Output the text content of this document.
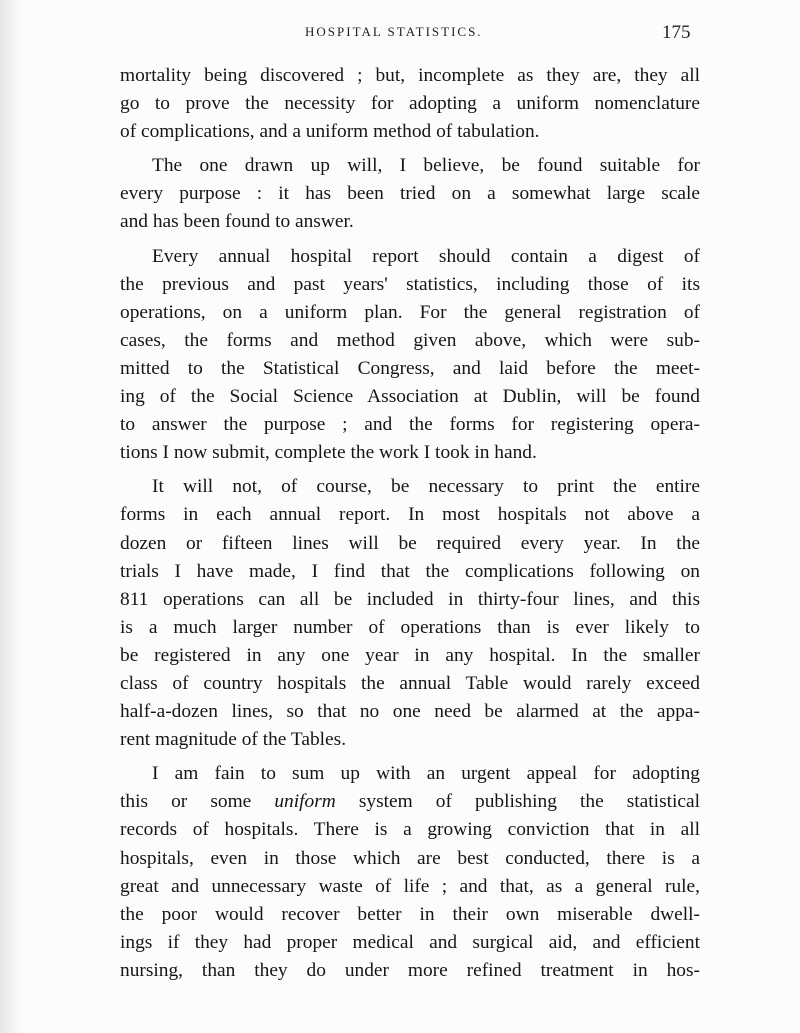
HOSPITAL STATISTICS.	175
mortality being discovered ; but, incomplete as they are, they all
go to prove the necessity for adopting a uniform nomenclature
of complications, and a uniform method of tabulation.
The one drawn up will, I believe, be found suitable for
every purpose : it has been tried on a somewhat large scale
and has been found to answer.
Every annual hospital report should contain a digest of
the previous and past years' statistics, including those of its
operations, on a uniform plan. For the general registration of
cases, the forms and method given above, which were sub-
mitted to the Statistical Congress, and laid before the meet-
ing of the Social Science Association at Dublin, will be found
to answer the purpose ; and the forms for registering opera-
tions I now submit, complete the work I took in hand.
It will not, of course, be necessary to print the entire
forms in each annual report. In most hospitals not above a
dozen or fifteen lines will be required every year. In the
trials I have made, I find that the complications following on
811 operations can all be included in thirty-four lines, and this
is a much larger number of operations than is ever likely to
be registered in any one year in any hospital. In the smaller
class of country hospitals the annual Table would rarely exceed
half-a-dozen lines, so that no one need be alarmed at the appa-
rent magnitude of the Tables.
I am fain to sum up with an urgent appeal for adopting
this or some uniform system of publishing the statistical
records of hospitals. There is a growing conviction that in all
hospitals, even in those which are best conducted, there is a
great and unnecessary waste of life ; and that, as a general rule,
the poor would recover better in their own miserable dwell-
ings if they had proper medical and surgical aid, and efficient
nursing, than they do under more refined treatment in hos-
